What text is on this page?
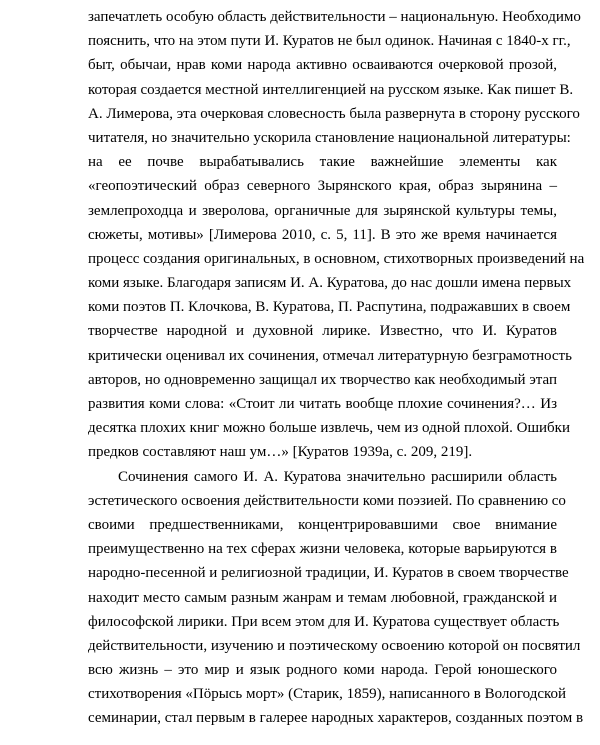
запечатлеть особую область действительности – национальную. Необходимо
пояснить, что на этом пути И. Куратов не был одинок. Начиная с 1840-х гг.,
быт, обычаи, нрав коми народа активно осваиваются очерковой прозой,
которая создается местной интеллигенцией на русском языке. Как пишет В.
А. Лимерова, эта очерковая словесность была развернута в сторону русского
читателя, но значительно ускорила становление национальной литературы:
на ее почве вырабатывались такие важнейшие элементы как
«геопоэтический образ северного Зырянского края, образ зырянина –
землепроходца и зверолова, органичные для зырянской культуры темы,
сюжеты, мотивы» [Лимерова 2010, с. 5, 11]. В это же время начинается
процесс создания оригинальных, в основном, стихотворных произведений на
коми языке. Благодаря записям И. А. Куратова, до нас дошли имена первых
коми поэтов П. Клочкова, В. Куратова, П. Распутина, подражавших в своем
творчестве народной и духовной лирике. Известно, что И. Куратов
критически оценивал их сочинения, отмечал литературную безграмотность
авторов, но одновременно защищал их творчество как необходимый этап
развития коми слова: «Стоит ли читать вообще плохие сочинения?… Из
десятка плохих книг можно больше извлечь, чем из одной плохой. Ошибки
предков составляют наш ум…» [Куратов 1939а, с. 209, 219].
Сочинения самого И. А. Куратова значительно расширили область
эстетического освоения действительности коми поэзией. По сравнению со
своими предшественниками, концентрировавшими свое внимание
преимущественно на тех сферах жизни человека, которые варьируются в
народно-песенной и религиозной традиции, И. Куратов в своем творчестве
находит место самым разным жанрам и темам любовной, гражданской и
философской лирики. При всем этом для И. Куратова существует область
действительности, изучению и поэтическому освоению которой он посвятил
всю жизнь – это мир и язык родного коми народа. Герой юношеского
стихотворения «Пöрысь морт» (Старик, 1859), написанного в Вологодской
семинарии, стал первым в галерее народных характеров, созданных поэтом в
